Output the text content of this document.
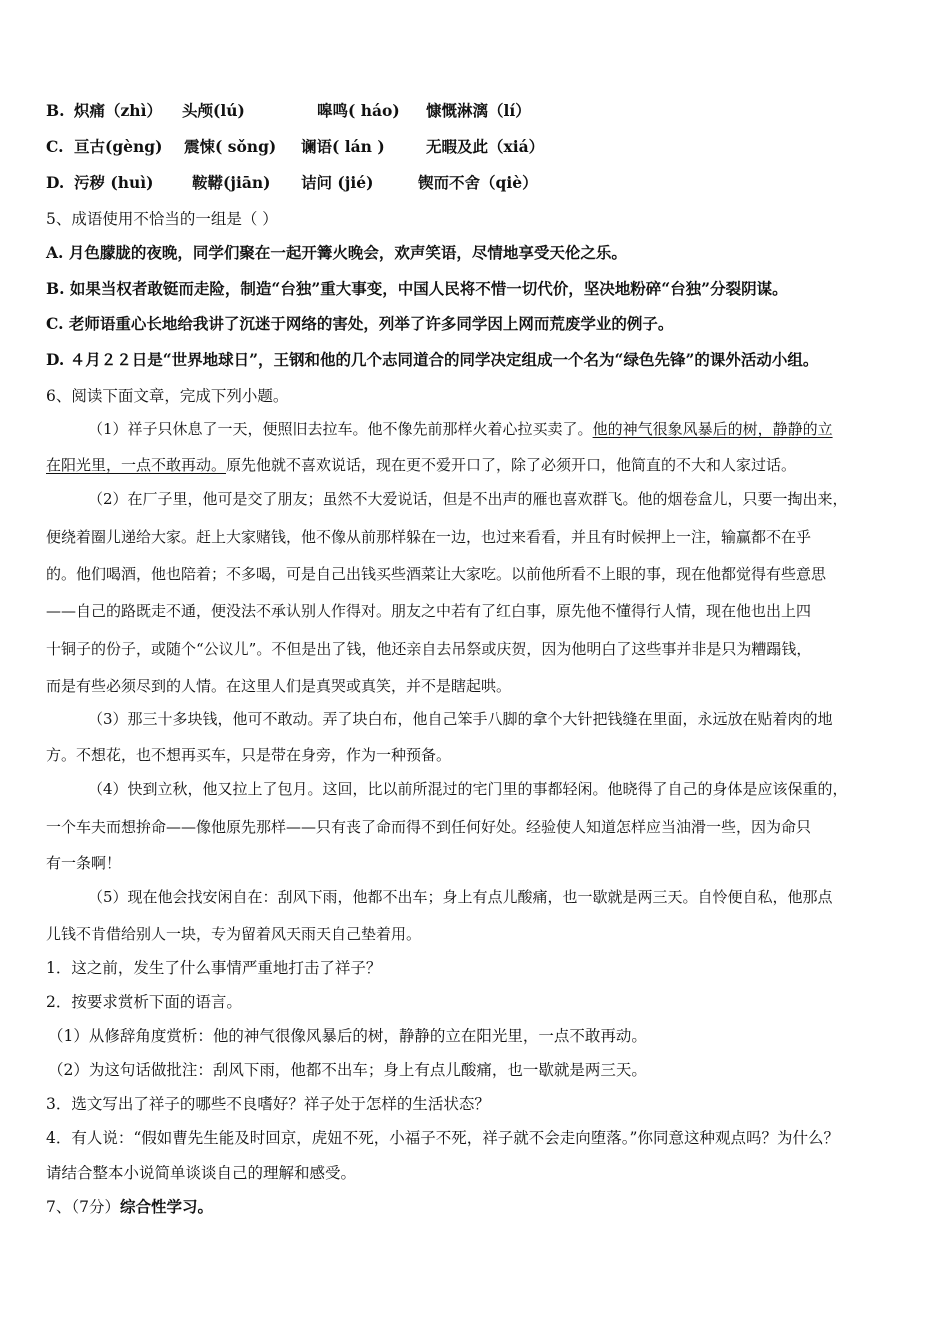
B. 炽痛（zhì） 头颅(lú)	嗥鸣( háo) 慷慨淋漓（lí）
C. 亘古(gèng) 震悚( sǒng) 谰语( lán )	无暇及此（xiá）
D. 污秽 (huì) 鞍鞯(jiān) 诘问 (jié)	锲而不舍（qiè）
5、成语使用不恰当的一组是（ ）
A. 月色朦胧的夜晚，同学们聚在一起开篝火晚会，欢声笑语，尽情地享受天伦之乐。
B. 如果当权者敢铤而走险，制造“台独”重大事变，中国人民将不惜一切代价，坚决地粉碎“台独”分裂阴谋。
C. 老师语重心长地给我讲了沉迷于网络的害处，列举了许多同学因上网而荒废学业的例子。
D. ４月２２日是“世界地球日”，王钢和他的几个志同道合的同学决定组成一个名为“绿色先锋”的课外活动小组。
6、阅读下面文章，完成下列小题。
（1）祥子只休息了一天，便照旧去拉车。他不像先前那样火着心拉买卖了。他的神气很象风暴后的树，静静的立
在阳光里，一点不敢再动。原先他就不喜欢说话，现在更不爱开口了，除了必须开口，他简直的不大和人家过话。
（2）在厂子里，他可是交了朋友；虽然不大爱说话，但是不出声的雁也喜欢群飞。他的烟卷盒儿，只要一掏出来，
便绕着圈儿递给大家。赶上大家赌钱，他不像从前那样躲在一边，也过来看看，并且有时候押上一注，输赢都不在乎
的。他们喝酒，他也陪着；不多喝，可是自己出钱买些酒菜让大家吃。以前他所看不上眼的事，现在他都觉得有些意思
——自己的路既走不通，便没法不承认别人作得对。朋友之中若有了红白事，原先他不懂得行人情，现在他也出上四
十铜子的份子，或随个“公议儿”。不但是出了钱，他还亲自去吊祭或庆贺，因为他明白了这些事并非是只为糟蹋钱，
而是有些必须尽到的人情。在这里人们是真哭或真笑，并不是瞎起哄。
（3）那三十多块钱，他可不敢动。弄了块白布，他自己笨手八脚的拿个大针把钱缝在里面，永远放在贴着肉的地
方。不想花，也不想再买车，只是带在身旁，作为一种预备。
（4）快到立秋，他又拉上了包月。这回，比以前所混过的宅门里的事都轻闲。他晓得了自己的身体是应该保重的，
一个车夫而想拚命——像他原先那样——只有丧了命而得不到任何好处。经验使人知道怎样应当油滑一些，因为命只
有一条啊！
（5）现在他会找安闲自在：刮风下雨，他都不出车；身上有点儿酸痛，也一歇就是两三天。自怜便自私，他那点
儿钱不肯借给别人一块，专为留着风天雨天自己垫着用。
1．这之前，发生了什么事情严重地打击了祥子？
2．按要求赏析下面的语言。
（1）从修辞角度赏析：他的神气很像风暴后的树，静静的立在阳光里，一点不敢再动。
（2）为这句话做批注：刮风下雨，他都不出车；身上有点儿酸痛，也一歇就是两三天。
3．选文写出了祥子的哪些不良嗜好？祥子处于怎样的生活状态？
4．有人说：“假如曹先生能及时回京，虎妞不死，小福子不死，祥子就不会走向堕落。”你同意这种观点吗？为什么？
请结合整本小说简单谈谈自己的理解和感受。
7、（7分）综合性学习。
